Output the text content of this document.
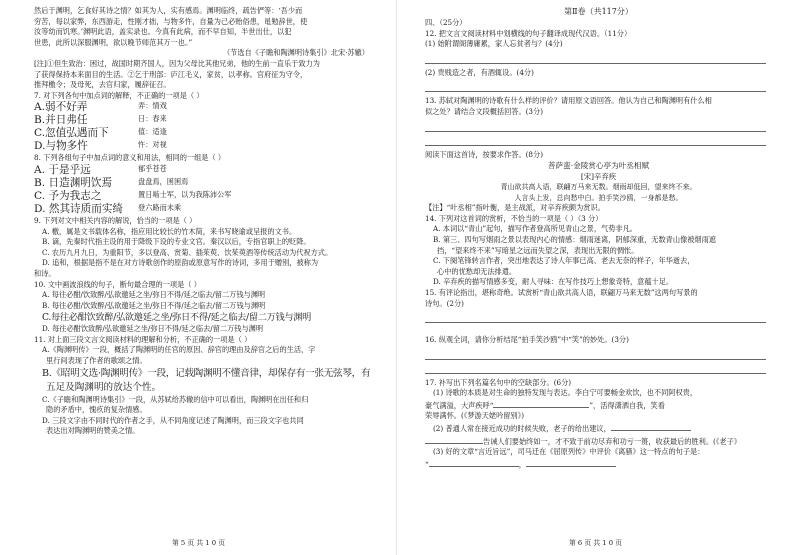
然后于渊明，乞食好其诗之情？如其为人，实有感焉。渊明临终，疏告俨等：‘吾少而
穷苦，每以家弊，东西游走，性刚才拙，与物多忤，自量为己必贻俗患，黾勉辞世，使
汝等幼而饥寒。’渊明此语，盖实录也。今真有此病，而不早自知，半世出仕，以犯
世患，此所以深服渊明，欲以晚节师范其万一也。”
（节选自《子瞻和陶渊明诗集引》北宋·苏辙）
[注]①但生致治：困过，战国时期齐国人，因为父母比其他兄弟，他的生前一直乐于致力为
了获得保持本来面目的生活。②乞于刑部：庐江毛义，家贫，以孝称。官府征为守令，
推拜檄令；及母死，去官归家，履辞征召。
7. 对下列各句中加点词的解释，不正确的一项是（ ）
A.弱不好弄	弄：情戏
B.并日弗任	日：春来
C.忽值弘遇而下	值：适逢
D.与物多忤	忤：对视
8. 下列各组句子中加点词的意义和用法，相同的一组是（ ）
A. 于是乎远	郁乎苍苍
B. 日造渊明饮焉	盘盘焉，囷囷焉
C. 予为我志之	置日啮士军，以为我陈沛公军
D. 然其诗质而实绮	登六路而未乘
9. 下列对文中相关内容的解说，恰当的一项是（ ）
A. 檄，属是文书载体名称，指应用比较长的竹木简，来书写晓谕或呈报的文书。
B. 谪，先秦时代指主设的用于降级下设的专业文官。秦汉以后，专指官职上的贬降。
C. 农历九月九日，为重阳节，多以登高、赏菊、插茱萸、饮茱萸酒等传统活动为代祝方式。
D. 追和，根据是指不是在对方诗歌创作的原韵或原意写作的诗词，多用于赠别，被称为
和诗。
10. 文中画波浪线的句子，断句最合理的一项是（ ）
A. 每往必酣/饮致醉/弘欲邀延之坐/弥日不得/延之临去/留二万钱与渊明
B. 每往必酣/饮致醉/弘欲邀延之坐/弥日不得/延之临去/留二万钱与渊明
C.每往必酣饮致醉/弘欲邀延之坐/弥日不得/延之临去/留二万钱与渊明
D. 每往必酣饮致醉/弘欲邀延之坐/弥日不得/延之临去/留二万钱与渊明
11. 对上面三段文言文阅读材料的理解和分析，不正确的一项是（ ）
A.《陶渊明传》一段，概括了陶渊明的任官的原因、辞官的理由及辞官之后的生活，字
里行间表现了作者的歌颂之情。
B.《昭明文选·陶渊明传》一段，记载陶渊明不懂音律，却保存有一张无弦琴，有
五足及陶渊明的放达个性。
C.《子瞻和陶渊明诗集引》一段，从苏轼给苏辙的信中可以看出，陶渊明在出任和归
隐的矛盾中，愧疚的复杂情感。
D. 三段文字由不同时代的作者之手，从不同角度记述了陶渊明，而三段文字也共同
表达出对陶渊明的赞美之情。
第 5 页 共 1 0 页
第Ⅱ卷（共117分）
四、（25分）
12. 把文言文阅读材料中划横线的句子翻译成现代汉语。（11分）
(1) 始附谓阁薄庸累，家人忘贫者与？(4分)
(2) 贵贱造之者，有酒辄设。(4分)
13. 苏轼对陶渊明的诗歌有什么样的评价？请用原文语回答。他认为自己和陶渊明有什么相
似之处？请结合文段概括回答。(3分)
阅读下面这首诗，按要求作答。(8分)
菩萨蛮·金陵赏心亭为叶丞相赋
[宋]辛弃疾
青山欲共高人语，联翩万马来无数。烟雨却低回，望来终不来。
人言头上发，总向愁中白。拍手笑沙鸥，一身都是愁。
【注】“叶丞相”指叶衡，是主战派，对辛弃疾颇为赏识。
14. 下列对这首词的赏析，不恰当的一项是（ ）（3 分）
A. 本词以“青山”起句，描写作者登高所见青山之景，气势非凡。
B. 第三、四句写烟雨之景以表现内心的情感：烟雨迷离，阴郁深重，无数青山像被烟雨遮
挡，“望来终不来”写暗星之远而失望之深，表现出无限的惆怅。
C. 下阕笔锋转言作者，突出地表达了诗人年事已高、老去无奈的样子，年华逝去，
心中的忧愁却无法排遣。
D. 辛弃疾的描写情感多变，耐人寻味：在写作技巧上想象奇特，意蕴十足。
15. 有评论指出，堪称奇绝。试赏析“青山欲共高人语，联翩万马来无数”这两句写景的
诗句。(2分)
16. 纵观全词，请你分析结尾“拍手笑沙鸥”中“笑”的妙处。(3分)
17. 补写出下列名篇名句中的空缺部分。(6分)
(1) 诗歌的本质是对生命的独特发现与表达。李白宁可要畅金欢饮，也不同阿权贵，
豪气满溢，大声疾呼“	”，活得潇洒自我，笑看
荣辱满怀。(《梦游天姥吟留别》)
(2) 普通人常在接近成功的时候失败，老子的给出建议，
告诫人们要始终如一，才不致于前功尽弃和功亏一篑，收获最后的胜利。(《老子》
(3) 好的文章“言近旨远”，司马迁在《屈原列传》中评价《离骚》这一特点的句子是：
“	，
第 6 页 共 1 0 页
